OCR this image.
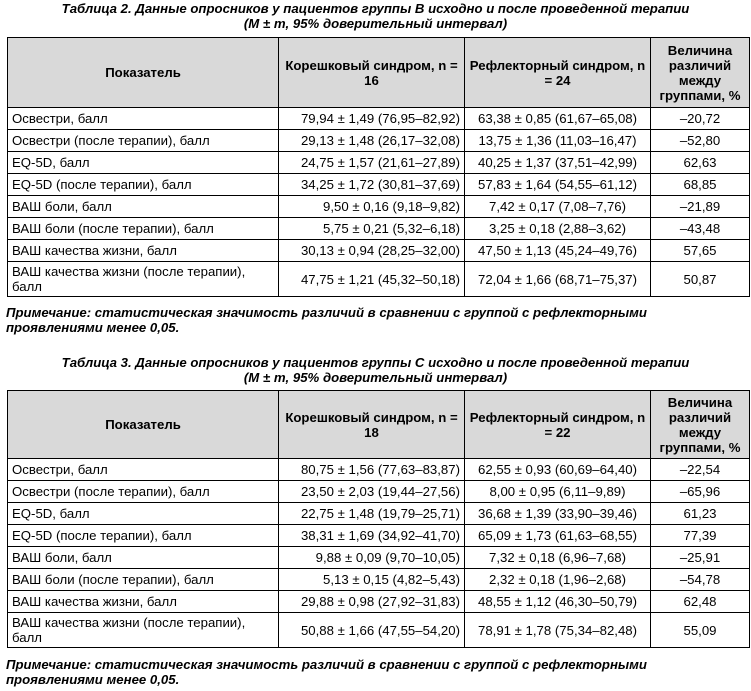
Таблица 2. Данные опросников у пациентов группы B исходно и после проведенной терапии
(M ± m, 95% доверительный интервал)
Показатель	Корешковый синдром, n = 16	Рефлекторный синдром, n = 24	Величина различий между группами, %
Освестри, балл	79,94 ± 1,49 (76,95–82,92)	63,38 ± 0,85 (61,67–65,08)	–20,72
Освестри (после терапии), балл	29,13 ± 1,48 (26,17–32,08)	13,75 ± 1,36 (11,03–16,47)	–52,80
EQ-5D, балл	24,75 ± 1,57 (21,61–27,89)	40,25 ± 1,37 (37,51–42,99)	62,63
EQ-5D (после терапии), балл	34,25 ± 1,72 (30,81–37,69)	57,83 ± 1,64 (54,55–61,12)	68,85
ВАШ боли, балл	9,50 ± 0,16 (9,18–9,82)	7,42 ± 0,17 (7,08–7,76)	–21,89
ВАШ боли (после терапии), балл	5,75 ± 0,21 (5,32–6,18)	3,25 ± 0,18 (2,88–3,62)	–43,48
ВАШ качества жизни, балл	30,13 ± 0,94 (28,25–32,00)	47,50 ± 1,13 (45,24–49,76)	57,65
ВАШ качества жизни (после терапии), балл	47,75 ± 1,21 (45,32–50,18)	72,04 ± 1,66 (68,71–75,37)	50,87
Примечание: статистическая значимость различий в сравнении с группой с рефлекторными проявлениями менее 0,05.
Таблица 3. Данные опросников у пациентов группы С исходно и после проведенной терапии
(M ± m, 95% доверительный интервал)
Показатель	Корешковый синдром, n = 18	Рефлекторный синдром, n = 22	Величина различий между группами, %
Освестри, балл	80,75 ± 1,56 (77,63–83,87)	62,55 ± 0,93 (60,69–64,40)	–22,54
Освестри (после терапии), балл	23,50 ± 2,03 (19,44–27,56)	8,00 ± 0,95 (6,11–9,89)	–65,96
EQ-5D, балл	22,75 ± 1,48 (19,79–25,71)	36,68 ± 1,39 (33,90–39,46)	61,23
EQ-5D (после терапии), балл	38,31 ± 1,69 (34,92–41,70)	65,09 ± 1,73 (61,63–68,55)	77,39
ВАШ боли, балл	9,88 ± 0,09 (9,70–10,05)	7,32 ± 0,18 (6,96–7,68)	–25,91
ВАШ боли (после терапии), балл	5,13 ± 0,15 (4,82–5,43)	2,32 ± 0,18 (1,96–2,68)	–54,78
ВАШ качества жизни, балл	29,88 ± 0,98 (27,92–31,83)	48,55 ± 1,12 (46,30–50,79)	62,48
ВАШ качества жизни (после терапии), балл	50,88 ± 1,66 (47,55–54,20)	78,91 ± 1,78 (75,34–82,48)	55,09
Примечание: статистическая значимость различий в сравнении с группой с рефлекторными проявлениями менее 0,05.
